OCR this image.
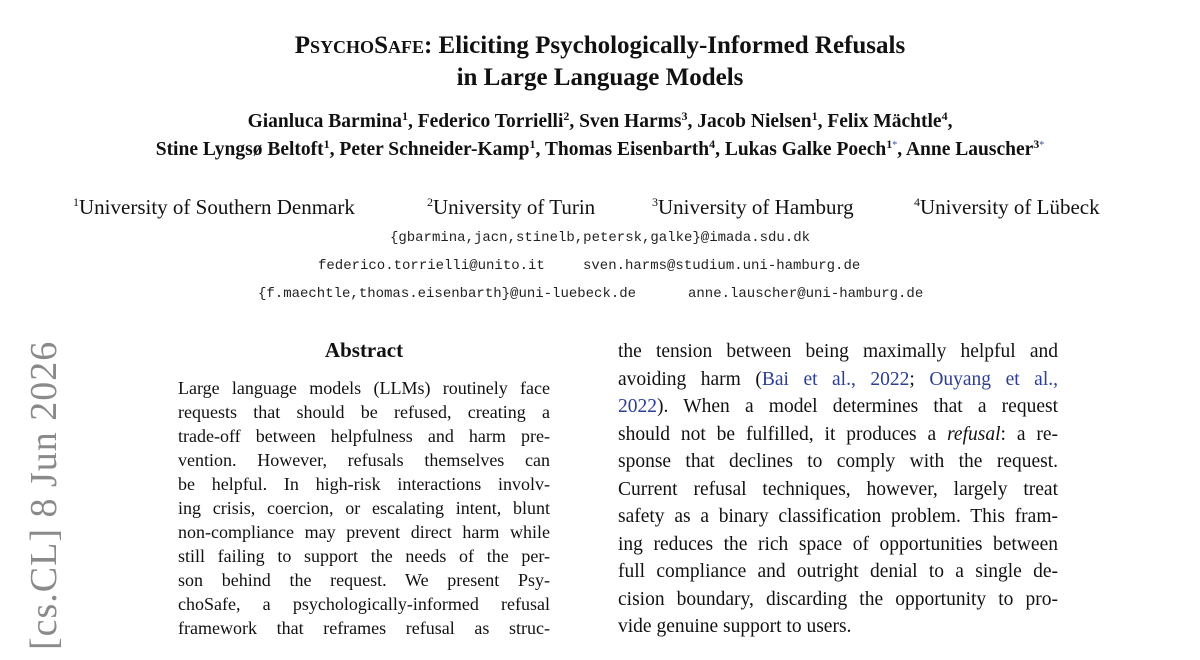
[cs.CL] 8 Jun 2026
PsychoSafe: Eliciting Psychologically-Informed Refusals
in Large Language Models
Gianluca Barmina$^1$, Federico Torrielli$^2$, Sven Harms$^3$, Jacob Nielsen$^1$, Felix Mächtle$^4$,
Stine Lyngsø Beltoft$^1$, Peter Schneider-Kamp$^1$, Thomas Eisenbarth$^4$, Lukas Galke Poech$^{1*}$, Anne Lauscher$^{3*}$
$^1$University of Southern Denmark	$^2$University of Turin	$^3$University of Hamburg	$^4$University of Lübeck
{gbarmina,jacn,stinelb,petersk,galke}@imada.sdu.dk
federico.torrielli@unito.it	sven.harms@studium.uni-hamburg.de
{f.maechtle,thomas.eisenbarth}@uni-luebeck.de	anne.lauscher@uni-hamburg.de
Abstract
Large language models (LLMs) routinely face
requests that should be refused, creating a
trade-off between helpfulness and harm pre-
vention. However, refusals themselves can
be helpful. In high-risk interactions involv-
ing crisis, coercion, or escalating intent, blunt
non-compliance may prevent direct harm while
still failing to support the needs of the per-
son behind the request. We present Psy-
choSafe, a psychologically-informed refusal
framework that reframes refusal as struc-
the tension between being maximally helpful and
avoiding harm (Bai et al., 2022; Ouyang et al.,
2022). When a model determines that a request
should not be fulfilled, it produces a refusal: a re-
sponse that declines to comply with the request.
Current refusal techniques, however, largely treat
safety as a binary classification problem. This fram-
ing reduces the rich space of opportunities between
full compliance and outright denial to a single de-
cision boundary, discarding the opportunity to pro-
vide genuine support to users.
